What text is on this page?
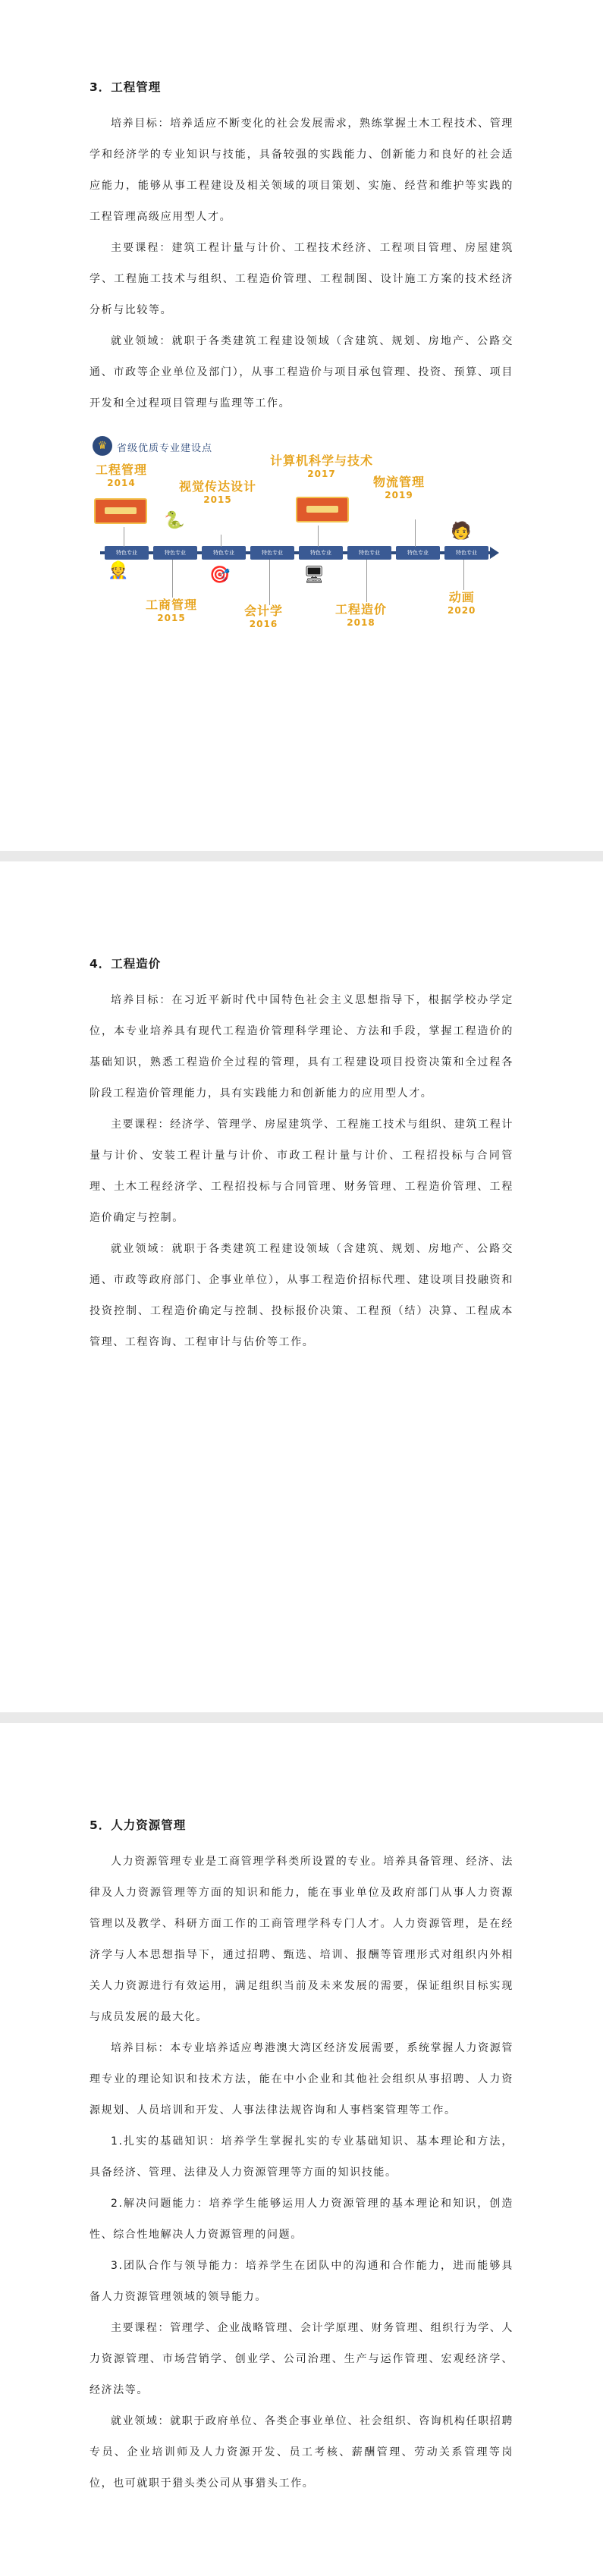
3．工程管理

培养目标：培养适应不断变化的社会发展需求，熟练掌握土木工程技术、管理学和经济学的专业知识与技能，具备较强的实践能力、创新能力和良好的社会适应能力，能够从事工程建设及相关领域的项目策划、实施、经营和维护等实践的工程管理高级应用型人才。

主要课程：建筑工程计量与计价、工程技术经济、工程项目管理、房屋建筑学、工程施工技术与组织、工程造价管理、工程制图、设计施工方案的技术经济分析与比较等。

就业领域：就职于各类建筑工程建设领域（含建筑、规划、房地产、公路交通、市政等企业单位及部门），从事工程造价与项目承包管理、投资、预算、项目开发和全过程项目管理与监理等工作。

♛ 省级优质专业建设点
工程管理
2014
🐍
视觉传达设计
2015
计算机科学与技术
2017
物流管理
2019
🧑
特色专业	特色专业	特色专业	特色专业	特色专业	特色专业	特色专业	特色专业
👷	🎯	🖥
工商管理
2015	会计学
2016
工程造价
2018
动画
2020
4．工程造价

培养目标：在习近平新时代中国特色社会主义思想指导下，根据学校办学定位，本专业培养具有现代工程造价管理科学理论、方法和手段，掌握工程造价的基础知识，熟悉工程造价全过程的管理，具有工程建设项目投资决策和全过程各阶段工程造价管理能力，具有实践能力和创新能力的应用型人才。

主要课程：经济学、管理学、房屋建筑学、工程施工技术与组织、建筑工程计量与计价、安装工程计量与计价、市政工程计量与计价、工程招投标与合同管理、土木工程经济学、工程招投标与合同管理、财务管理、工程造价管理、工程造价确定与控制。

就业领域：就职于各类建筑工程建设领域（含建筑、规划、房地产、公路交通、市政等政府部门、企事业单位），从事工程造价招标代理、建设项目投融资和投资控制、工程造价确定与控制、投标报价决策、工程预（结）决算、工程成本管理、工程咨询、工程审计与估价等工作。

5．人力资源管理

人力资源管理专业是工商管理学科类所设置的专业。培养具备管理、经济、法律及人力资源管理等方面的知识和能力，能在事业单位及政府部门从事人力资源管理以及教学、科研方面工作的工商管理学科专门人才。人力资源管理，是在经济学与人本思想指导下，通过招聘、甄选、培训、报酬等管理形式对组织内外相关人力资源进行有效运用，满足组织当前及未来发展的需要，保证组织目标实现与成员发展的最大化。

培养目标：本专业培养适应粤港澳大湾区经济发展需要，系统掌握人力资源管理专业的理论知识和技术方法，能在中小企业和其他社会组织从事招聘、人力资源规划、人员培训和开发、人事法律法规咨询和人事档案管理等工作。

1.扎实的基础知识：培养学生掌握扎实的专业基础知识、基本理论和方法，具备经济、管理、法律及人力资源管理等方面的知识技能。

2.解决问题能力：培养学生能够运用人力资源管理的基本理论和知识，创造性、综合性地解决人力资源管理的问题。

3.团队合作与领导能力：培养学生在团队中的沟通和合作能力，进而能够具备人力资源管理领域的领导能力。

主要课程：管理学、企业战略管理、会计学原理、财务管理、组织行为学、人力资源管理、市场营销学、创业学、公司治理、生产与运作管理、宏观经济学、经济法等。

就业领域：就职于政府单位、各类企事业单位、社会组织、咨询机构任职招聘专员、企业培训师及人力资源开发、员工考核、薪酬管理、劳动关系管理等岗位，也可就职于猎头类公司从事猎头工作。
